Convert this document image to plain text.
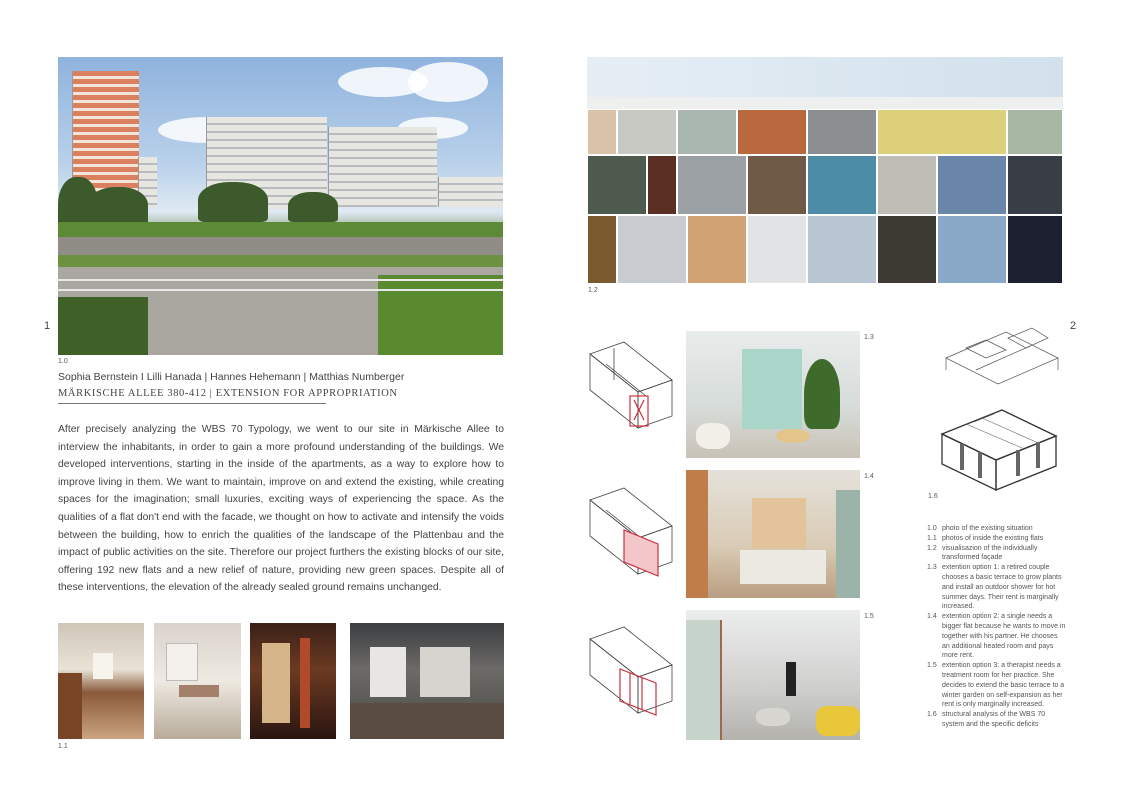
1
1.0
Sophia Bernstein I Lilli Hanada | Hannes Hehemann | Matthias Numberger
MÄRKISCHE ALLEE 380-412 | EXTENSION FOR APPROPRIATION
After precisely analyzing the WBS 70 Typology, we went to our site in Märkische Allee to interview the inhabitants, in order to gain a more profound understanding of the buildings. We developed interventions, starting in the inside of the apartments, as a way to explore how to improve living in them. We want to maintain, improve on and extend the existing, while creating spaces for the imagination; small luxuries, exciting ways of experiencing the space. As the qualities of a flat don't end with the facade, we thought on how to activate and intensify the voids between the building, how to enrich the qualities of the landscape of the Plattenbau and the impact of public activities on the site. Therefore our project furthers the existing blocks of our site, offering 192 new flats and a new relief of nature, providing new green spaces. Despite all of these interventions, the elevation of the already sealed ground remains unchanged.
1.1
2
1.2
1.3
1.4
1.5
1.6
1.0 photo of the existing situation
1.1 photos of inside the existing flats
1.2 visualisazion of the individually transformed façade
1.3 extention option 1: a retired couple chooses a basic terrace to grow plants and install an outdoor shower for hot summer days. Their rent is marginally increased.
1.4 extention option 2: a single needs a bigger flat because he wants to move in together with his partner. He chooses an additional heated room and pays more rent.
1.5 extention option 3: a therapist needs a treatment room for her practice. She decides to extend the basic terrace to a winter garden on self-expansion as her rent is only marginally increased.
1.6 structural analysis of the WBS 70 system and the specific deficits
